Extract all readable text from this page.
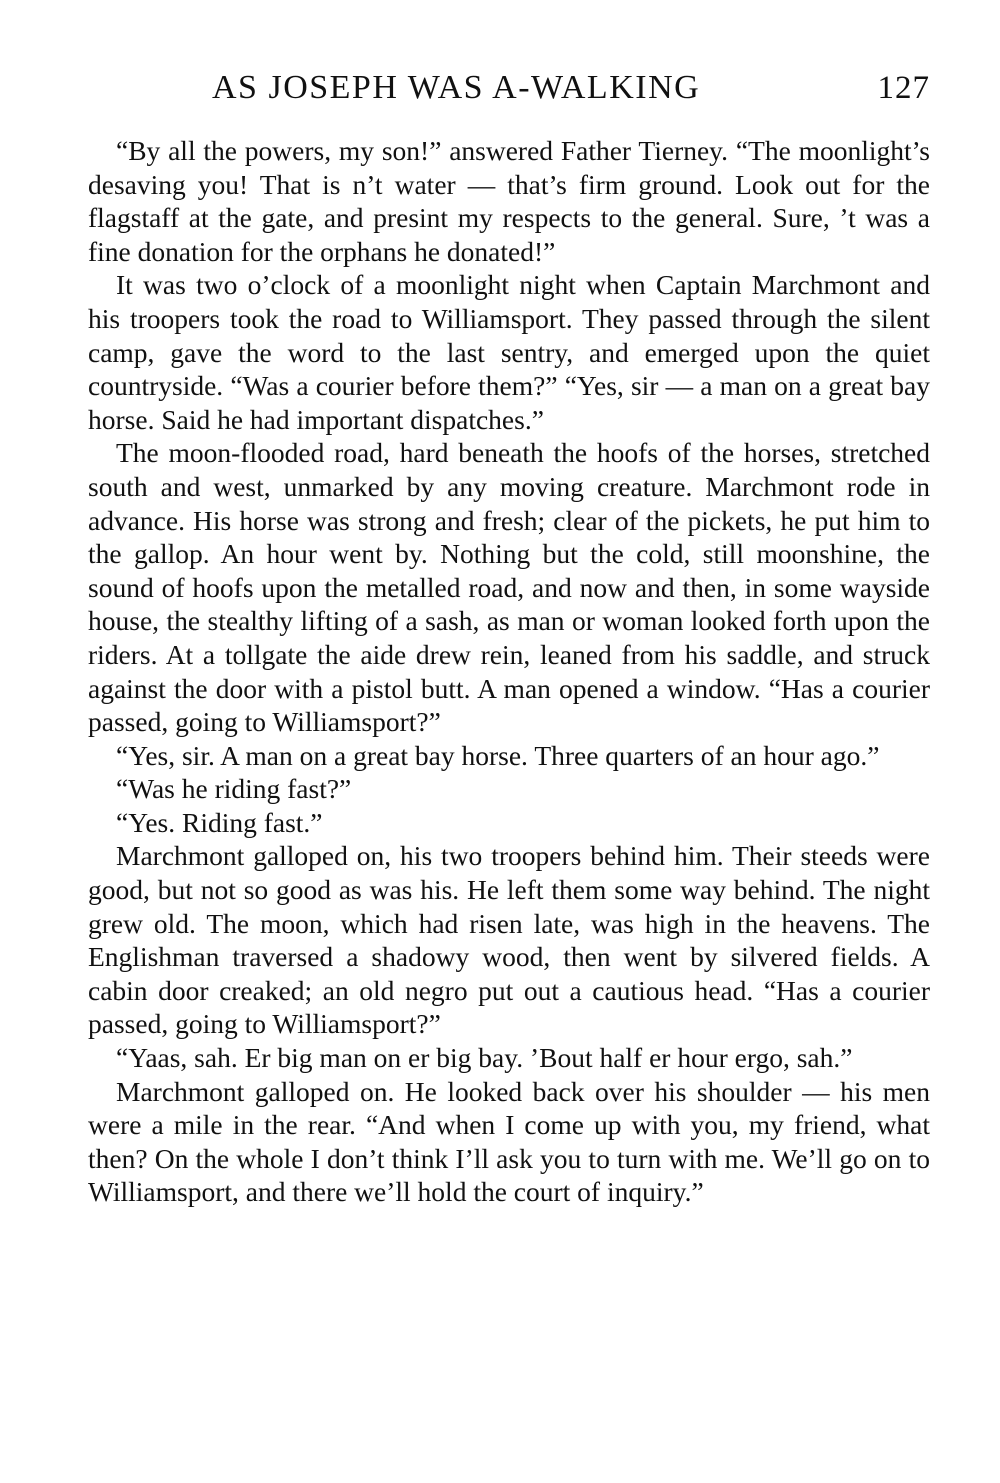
AS JOSEPH WAS A-WALKING	127

“By all the powers, my son!” answered Father Tierney. “The moonlight’s desaving you! That is n’t water — that’s firm ground. Look out for the flagstaff at the gate, and presint my respects to the general. Sure, ’t was a fine donation for the orphans he donated!”

It was two o’clock of a moonlight night when Captain Marchmont and his troopers took the road to Williamsport. They passed through the silent camp, gave the word to the last sentry, and emerged upon the quiet countryside. “Was a courier before them?” “Yes, sir — a man on a great bay horse. Said he had important dispatches.”

The moon-flooded road, hard beneath the hoofs of the horses, stretched south and west, unmarked by any moving creature. Marchmont rode in advance. His horse was strong and fresh; clear of the pickets, he put him to the gallop. An hour went by. Nothing but the cold, still moonshine, the sound of hoofs upon the metalled road, and now and then, in some wayside house, the stealthy lifting of a sash, as man or woman looked forth upon the riders. At a tollgate the aide drew rein, leaned from his saddle, and struck against the door with a pistol butt. A man opened a window. “Has a courier passed, going to Williamsport?”

“Yes, sir. A man on a great bay horse. Three quarters of an hour ago.”

“Was he riding fast?”

“Yes. Riding fast.”

Marchmont galloped on, his two troopers behind him. Their steeds were good, but not so good as was his. He left them some way behind. The night grew old. The moon, which had risen late, was high in the heavens. The Englishman traversed a shadowy wood, then went by silvered fields. A cabin door creaked; an old negro put out a cautious head. “Has a courier passed, going to Williamsport?”

“Yaas, sah. Er big man on er big bay. ’Bout half er hour ergo, sah.”

Marchmont galloped on. He looked back over his shoulder — his men were a mile in the rear. “And when I come up with you, my friend, what then? On the whole I don’t think I’ll ask you to turn with me. We’ll go on to Williamsport, and there we’ll hold the court of inquiry.”
